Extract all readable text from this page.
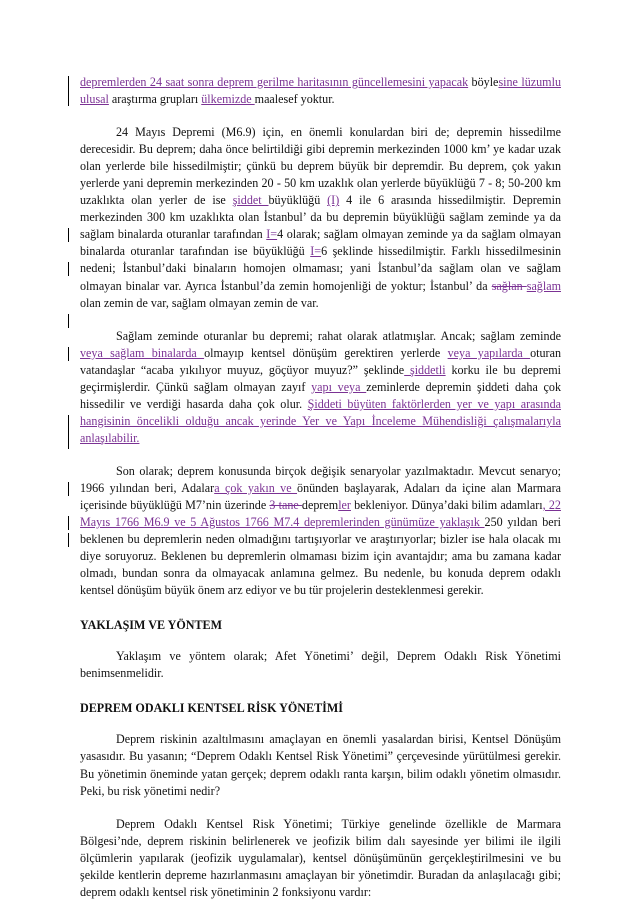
depremlerden 24 saat sonra deprem gerilme haritasının güncellemesini yapacak böylesine lüzumlu ulusal araştırma grupları ülkemizde maalesef yoktur.

24 Mayıs Depremi (M6.9) için, en önemli konulardan biri de; depremin hissedilme derecesidir. Bu deprem; daha önce belirtildiği gibi depremin merkezinden 1000 km’ ye kadar uzak olan yerlerde bile hissedilmiştir; çünkü bu deprem büyük bir depremdir. Bu deprem, çok yakın yerlerde yani depremin merkezinden 20 - 50 km uzaklık olan yerlerde büyüklüğü 7 - 8; 50-200 km uzaklıkta olan yerler de ise şiddet büyüklüğü (I) 4 ile 6 arasında hissedilmiştir. Depremin merkezinden 300 km uzaklıkta olan İstanbul’ da bu depremin büyüklüğü sağlam zeminde ya da sağlam binalarda oturanlar tarafından I=4 olarak; sağlam olmayan zeminde ya da sağlam olmayan binalarda oturanlar tarafından ise büyüklüğü I=6 şeklinde hissedilmiştir. Farklı hissedilmesinin nedeni; İstanbul’daki binaların homojen olmaması; yani İstanbul’da sağlam olan ve sağlam olmayan binalar var. Ayrıca İstanbul’da zemin homojenliği de yoktur; İstanbul’ da sağlan sağlam olan zemin de var, sağlam olmayan zemin de var.

Sağlam zeminde oturanlar bu depremi; rahat olarak atlatmışlar. Ancak; sağlam zeminde veya sağlam binalarda olmayıp kentsel dönüşüm gerektiren yerlerde veya yapılarda oturan vatandaşlar “acaba yıkılıyor muyuz, göçüyor muyuz?” şeklinde şiddetli korku ile bu depremi geçirmişlerdir. Çünkü sağlam olmayan zayıf yapı veya zeminlerde depremin şiddeti daha çok hissedilir ve verdiği hasarda daha çok olur. Şiddeti büyüten faktörlerden yer ve yapı arasında hangisinin öncelikli olduğu ancak yerinde Yer ve Yapı İnceleme Mühendisliği çalışmalarıyla anlaşılabilir.

Son olarak; deprem konusunda birçok değişik senaryolar yazılmaktadır. Mevcut senaryo; 1966 yılından beri, Adalara çok yakın ve önünden başlayarak, Adaları da içine alan Marmara içerisinde büyüklüğü M7’nin üzerinde 3 tane depremler bekleniyor. Dünya’daki bilim adamları, 22 Mayıs 1766 M6.9 ve 5 Ağustos 1766 M7.4 depremlerinden günümüze yaklaşık 250 yıldan beri beklenen bu depremlerin neden olmadığını tartışıyorlar ve araştırıyorlar; bizler ise hala olacak mı diye soruyoruz. Beklenen bu depremlerin olmaması bizim için avantajdır; ama bu zamana kadar olmadı, bundan sonra da olmayacak anlamına gelmez. Bu nedenle, bu konuda deprem odaklı kentsel dönüşüm büyük önem arz ediyor ve bu tür projelerin desteklenmesi gerekir.

YAKLAŞIM VE YÖNTEM

Yaklaşım ve yöntem olarak; Afet Yönetimi’ değil, Deprem Odaklı Risk Yönetimi benimsenmelidir.

DEPREM ODAKLI KENTSEL RİSK YÖNETİMİ

Deprem riskinin azaltılmasını amaçlayan en önemli yasalardan birisi, Kentsel Dönüşüm yasasıdır. Bu yasanın; “Deprem Odaklı Kentsel Risk Yönetimi” çerçevesinde yürütülmesi gerekir. Bu yönetimin öneminde yatan gerçek; deprem odaklı ranta karşın, bilim odaklı yönetim olmasıdır. Peki, bu risk yönetimi nedir?

Deprem Odaklı Kentsel Risk Yönetimi; Türkiye genelinde özellikle de Marmara Bölgesi’nde, deprem riskinin belirlenerek ve jeofizik bilim dalı sayesinde yer bilimi ile ilgili ölçümlerin yapılarak (jeofizik uygulamalar), kentsel dönüşümünün gerçekleştirilmesini ve bu şekilde kentlerin depreme hazırlanmasını amaçlayan bir yönetimdir. Buradan da anlaşılacağı gibi; deprem odaklı kentsel risk yönetiminin 2 fonksiyonu vardır:
